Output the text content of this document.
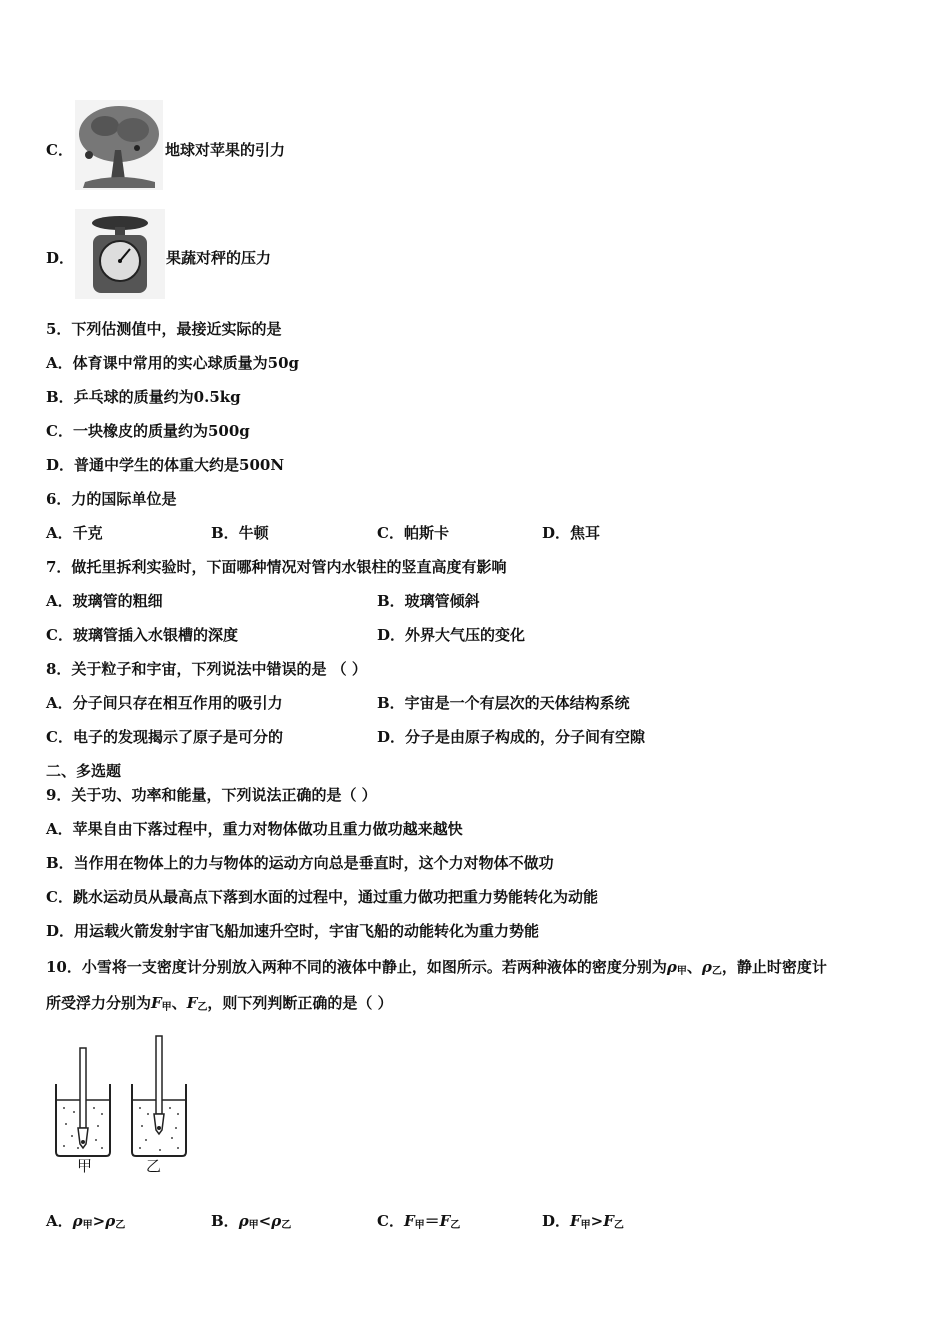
C．	地球对苹果的引力
D．	果蔬对秤的压力
5．下列估测值中，最接近实际的是
A．体育课中常用的实心球质量为50g
B．乒乓球的质量约为0.5kg
C．一块橡皮的质量约为500g
D．普通中学生的体重大约是500N
6．力的国际单位是
A．千克	B．牛顿	C．帕斯卡	D．焦耳
7．做托里拆利实验时，下面哪种情况对管内水银柱的竖直高度有影响
A．玻璃管的粗细	B．玻璃管倾斜
C．玻璃管插入水银槽的深度	D．外界大气压的变化
8．关于粒子和宇宙，下列说法中错误的是 （ ）
A．分子间只存在相互作用的吸引力	B．宇宙是一个有层次的天体结构系统
C．电子的发现揭示了原子是可分的	D．分子是由原子构成的，分子间有空隙
二、多选题
9．关于功、功率和能量，下列说法正确的是（ ）
A．苹果自由下落过程中，重力对物体做功且重力做功越来越快
B．当作用在物体上的力与物体的运动方向总是垂直时，这个力对物体不做功
C．跳水运动员从最高点下落到水面的过程中，通过重力做功把重力势能转化为动能
D．用运载火箭发射宇宙飞船加速升空时，宇宙飞船的动能转化为重力势能
10．小雪将一支密度计分别放入两种不同的液体中静止，如图所示。若两种液体的密度分别为$\rho_甲$、$\rho_乙$，静止时密度计
所受浮力分别为$F_甲$、$F_乙$，则下列判断正确的是（ ）
甲	乙
A．$\rho_甲>\rho_乙$	B．$\rho_甲<\rho_乙$	C．$F_甲=F_乙$	D．$F_甲>F_乙$
